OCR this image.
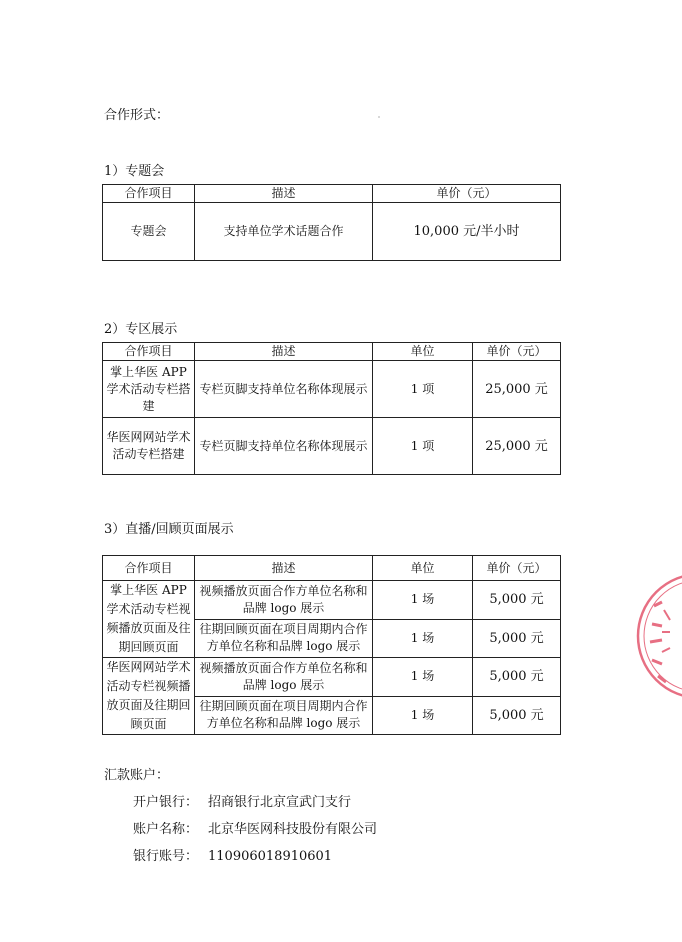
合作形式：
1）专题会
合作项目	描述	单价（元）
专题会	支持单位学术话题合作	10,000 元/半小时
2）专区展示
合作项目	描述	单位	单价（元）
掌上华医 APP 学术活动专栏搭建	专栏页脚支持单位名称体现展示	1 项	25,000 元
华医网网站学术活动专栏搭建	专栏页脚支持单位名称体现展示	1 项	25,000 元
3）直播/回顾页面展示
合作项目	描述	单位	单价（元）
掌上华医 APP 学术活动专栏视频播放页面及往期回顾页面	视频播放页面合作方单位名称和品牌 logo 展示	1 场	5,000 元
	往期回顾页面在项目周期内合作方单位名称和品牌 logo 展示	1 场	5,000 元
华医网网站学术活动专栏视频播放页面及往期回顾页面	视频播放页面合作方单位名称和品牌 logo 展示	1 场	5,000 元
	往期回顾页面在项目周期内合作方单位名称和品牌 logo 展示	1 场	5,000 元
汇款账户：
开户银行： 招商银行北京宣武门支行
账户名称： 北京华医网科技股份有限公司
银行账号： 110906018910601
